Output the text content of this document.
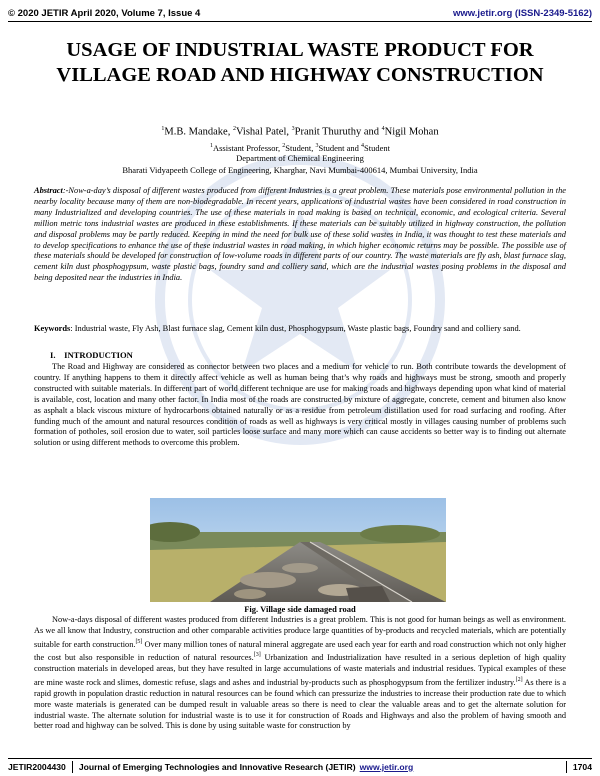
© 2020 JETIR April 2020, Volume 7, Issue 4	www.jetir.org (ISSN-2349-5162)
USAGE OF INDUSTRIAL WASTE PRODUCT FOR VILLAGE ROAD AND HIGHWAY CONSTRUCTION
$^1$M.B. Mandake, $^2$Vishal Patel, $^3$Pranit Thuruthy and $^4$Nigil Mohan
$^1$Assistant Professor, $^2$Student, $^3$Student and $^4$Student
Department of Chemical Engineering
Bharati Vidyapeeth College of Engineering, Kharghar, Navi Mumbai-400614, Mumbai University, India
Abstract:-Now-a-day’s disposal of different wastes produced from different Industries is a great problem. These materials pose environmental pollution in the nearby locality because many of them are non-biodegradable. In recent years, applications of industrial wastes have been considered in road construction in many Industrialized and developing countries. The use of these materials in road making is based on technical, economic, and ecological criteria. Several million metric tons industrial wastes are produced in these establishments. If these materials can be suitably utilized in highway construction, the pollution and disposal problems may be partly reduced. Keeping in mind the need for bulk use of these solid wastes in India, it was thought to test these materials and to develop specifications to enhance the use of these industrial wastes in road making, in which higher economic returns may be possible. The possible use of these materials should be developed for construction of low-volume roads in different parts of our country. The waste materials are fly ash, blast furnace slag, cement kiln dust phosphogypsum, waste plastic bags, foundry sand and colliery sand, which are the industrial wastes posing problems in the disposal and being deposited near the industries in India.
Keywords: Industrial waste, Fly Ash, Blast furnace slag, Cement kiln dust, Phosphogypsum, Waste plastic bags, Foundry sand and colliery sand.
I. INTRODUCTION
The Road and Highway are considered as connector between two places and a medium for vehicle to run. Both contribute towards the development of country. If anything happens to them it directly affect vehicle as well as human being that’s why roads and highways must be strong, smooth and properly constructed with suitable materials. In different part of world different technique are use for making roads and highways depending upon what kind of material is available, cost, location and many other factor. In India most of the roads are constructed by mixture of aggregate, concrete, cement and bitumen also know as asphalt a black viscous mixture of hydrocarbons obtained naturally or as a residue from petroleum distillation used for road surfacing and roofing. After funding much of the amount and natural resources condition of roads as well as highways is very critical mostly in villages causing number of problems such formation of potholes, soil erosion due to water, soil particles loose surface and many more which can cause accidents so better way is to finding out alternate solution or using different methods to overcome this problem.
Fig. Village side damaged road
Now-a-days disposal of different wastes produced from different Industries is a great problem. This is not good for human beings as well as environment. As we all know that Industry, construction and other comparable activities produce large quantities of by-products and recycled materials, which are potentially suitable for earth construction.[5] Over many million tones of natural mineral aggregate are used each year for earth and road construction which not only higher the cost but also responsible in reduction of natural resources.[3] Urbanization and Industrialization have resulted in a serious depletion of high quality construction materials in developed areas, but they have resulted in large accumulations of waste materials and industrial residues. Typical examples of these are mine waste rock and slimes, domestic refuse, slags and ashes and industrial by-products such as phosphogypsum from the fertilizer industry.[2] As there is a rapid growth in population drastic reduction in natural resources can be found which can pressurize the industries to increase their production rate due to which more waste materials is generated can be dumped result in valuable areas so there is need to clear the valuable areas and to get the alternate solution for industrial waste. The alternate solution for industrial waste is to use it for construction of Roads and Highways and also the problem of having smooth and better road and highway can be solved. This is done by using suitable waste for construction by
JETIR2004430 Journal of Emerging Technologies and Innovative Research (JETIR) www.jetir.org	1704
